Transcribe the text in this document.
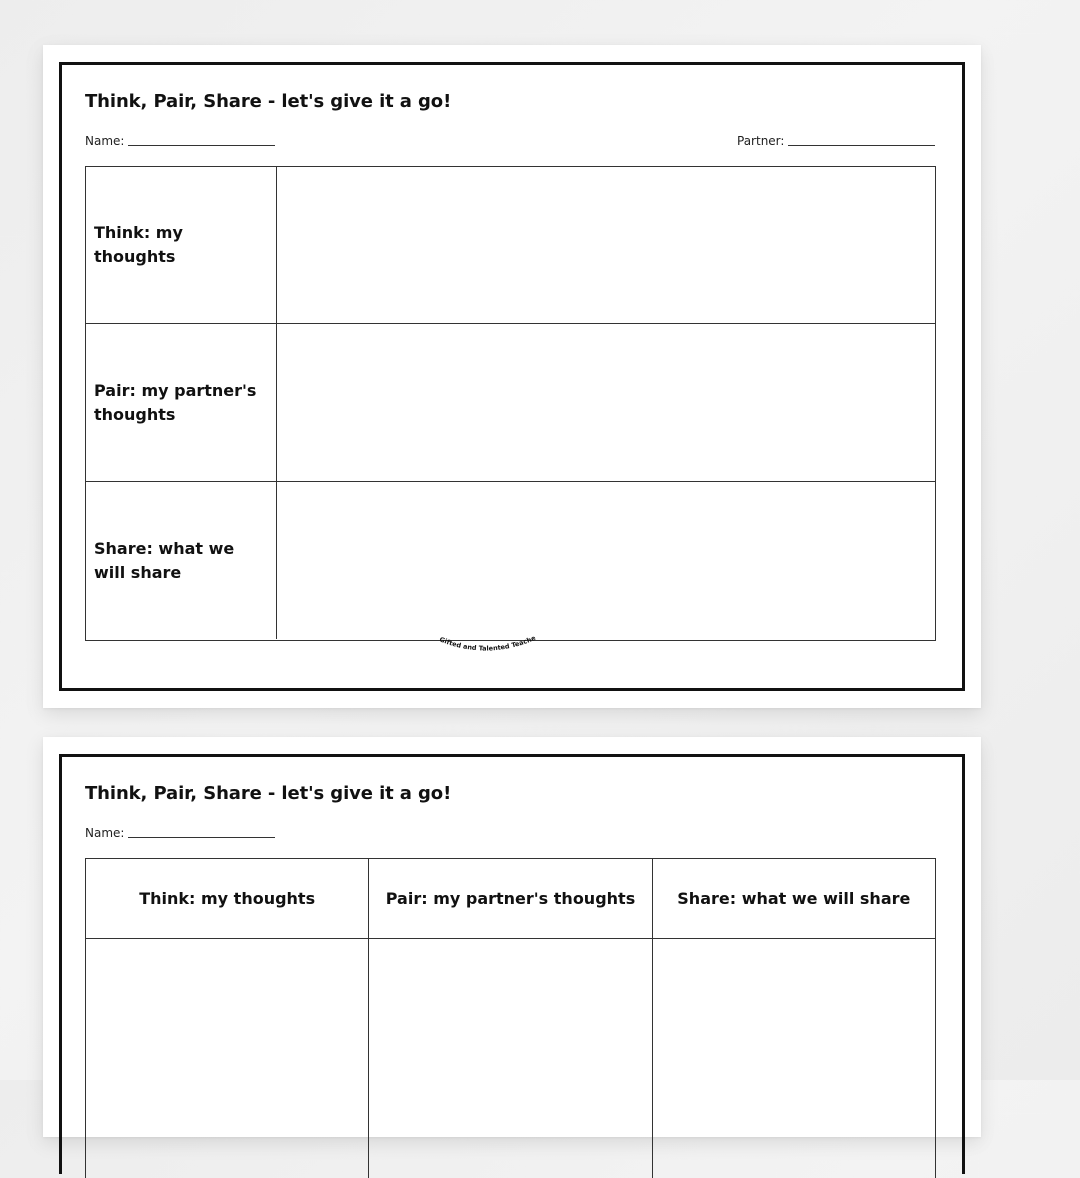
Think, Pair, Share - let's give it a go!
Name:	Partner:
Think: my thoughts
Pair: my partner's thoughts
Share: what we will share
Gifted and Talented Teache
Think, Pair, Share - let's give it a go!
Name:
Think: my thoughts	Pair: my partner's thoughts	Share: what we will share
